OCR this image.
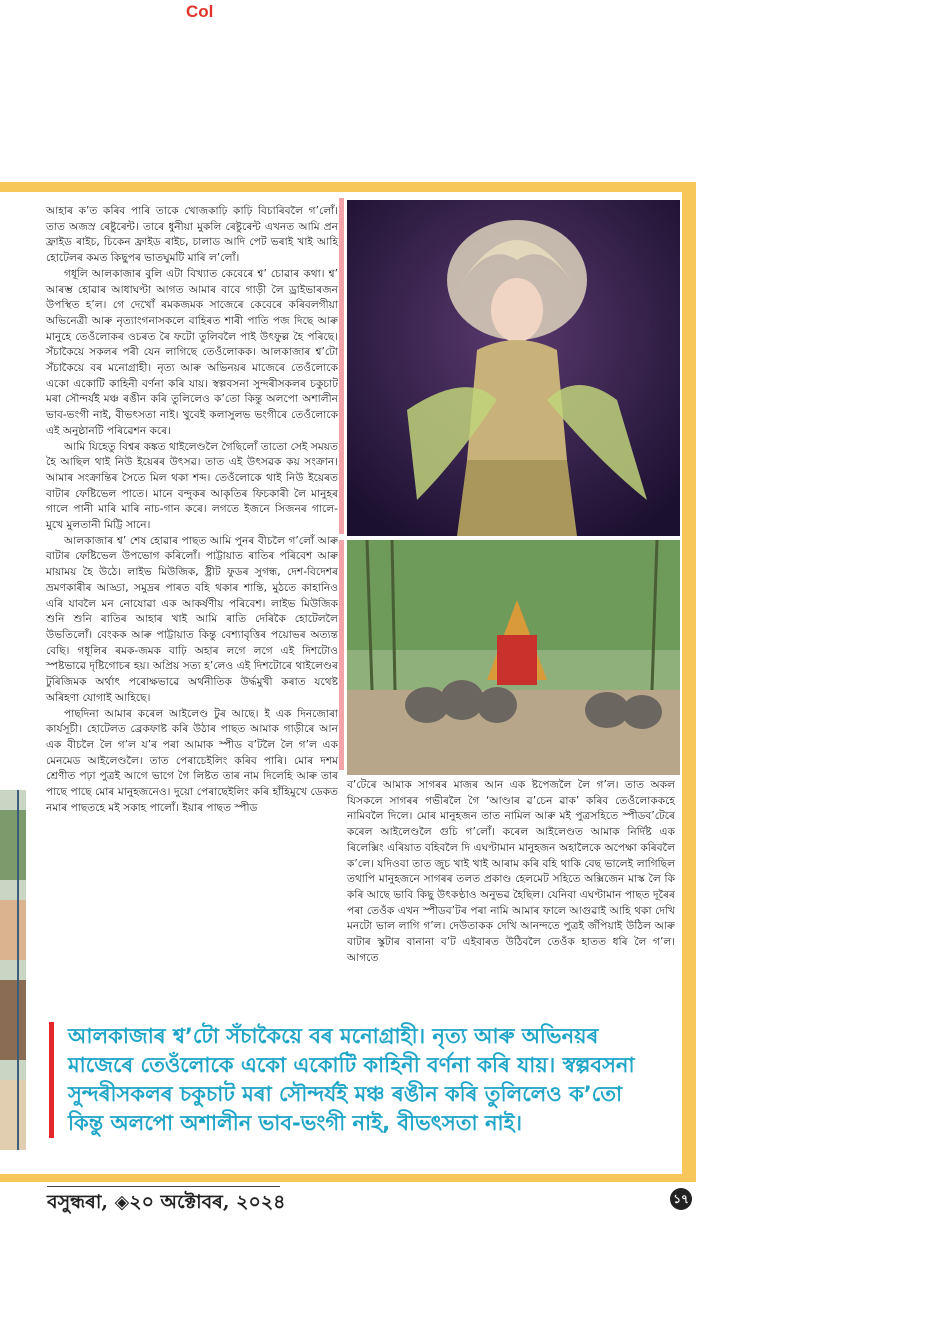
Col

আহাৰ ক’ত কৰিব পাৰি তাকে খোজকাঢ়ি কাঢ়ি বিচাৰিবলৈ গ’লোঁ। তাত অজস্ৰ ৰেষ্টুৰেন্ট। তাৰে ধুনীয়া মুকলি ৰেষ্টুৰেন্ট এখনত আমি প্ৰন ফ্ৰাইড ৰাইচ, চিকেন ফ্ৰাইড ৰাইচ, চালাড আদি পেট ভৰাই খাই আহি হোটেলৰ কমত কিছুপৰ ভাতঘুমটি মাৰি ল’লোঁ।

গধূলি আলকাজাৰ বুলি এটা বিখ্যাত কেবেৰে শ্ব’ চোৱাৰ কথা। শ্ব’ আৰম্ভ হোৱাৰ আধাঘণ্টা আগত আমাৰ বাবে গাড়ী লৈ ড্ৰাইভাৰজন উপস্থিত হ’ল। গে দেখোঁ ৰমকজমক সাজেৰে কেবেৰে কৰিবলগীয়া অভিনেত্ৰী আৰু নৃত্যাংগনাসকলে বাহিৰত শাৰী পাতি পজ দিছে আৰু মানুহে তেওঁলোকৰ ওচৰত ৰৈ ফটো তুলিবলৈ পাই উৎফুল্ল হৈ পৰিছে। সঁচাকৈয়ে সকলৰ পৰী যেন লাগিছে তেওঁলোকক। আলকাজাৰ শ্ব’টো সঁচাকৈয়ে বৰ মনোগ্ৰাহী। নৃত্য আৰু অভিনয়ৰ মাজেৰে তেওঁলোকে একো একোটি কাহিনী বৰ্ণনা কৰি যায়। স্বল্পবসনা সুন্দৰীসকলৰ চকুচাট মৰা সৌন্দৰ্যই মঞ্চ ৰঙীন কৰি তুলিলেও ক’তো কিন্তু অলপো অশালীন ভাব-ভংগী নাই, বীভৎসতা নাই। খুবেই কলাসুলভ ভংগীৰে তেওঁলোকে এই অনুষ্ঠানটি পৰিৱেশন কৰে।

আমি যিহেতু বিশ্বৰ কঙ্কত থাইলেণ্ডলৈ গৈছিলোঁ তাতো সেই সময়ত হৈ আছিল থাই নিউ ইয়েৰৰ উৎসৱ। তাত এই উৎসৱক কয় সংক্ৰান। আমাৰ সংক্ৰান্তিৰ সৈতে মিল থকা শব্দ। তেওঁলোকে থাই নিউ ইয়েৰত বাটাৰ ফেষ্টিভেল পাতে। মানে বন্দুকৰ আকৃতিৰ ফিচকাৰী লৈ মানুহৰ গালে পানী মাৰি মাৰি নাচ-গান কৰে। লগতে ইজনে সিজনৰ গালে-মুখে মুলতানী মিট্টি সানে।

আলকাজাৰ শ্ব’ শেষ হোৱাৰ পাছত আমি পুনৰ বীচলৈ গ’লোঁ আৰু বাটাৰ ফেষ্টিভেল উপভোগ কৰিলোঁ। পাট্টায়াত ৰাতিৰ পৰিবেশ আৰু মায়াময় হৈ উঠে। লাইভ মিউজিক, ষ্ট্ৰীট ফুডৰ সুগন্ধ, দেশ-বিদেশৰ ভ্ৰমণকাৰীৰ আড্ডা, সমুদ্ৰৰ পাৰত বহি থকাৰ শান্তি, মুঠতে কাহানিও এৰি যাবলৈ মন নোযোৱা এক আকৰ্ষণীয় পৰিবেশ। লাইভ মিউজিক শুনি শুনি ৰাতিৰ আহাৰ খাই আমি ৰাতি দেৰিকৈ হোটেললৈ উভতিলোঁ। বেংকক আৰু পাট্টায়াত কিন্তু বেশ্যাবৃত্তিৰ পয়োভৰ অত্যন্ত বেছি। গধূলিৰ ৰমক-জমক বাঢ়ি অহাৰ লগে লগে এই দিশটোও স্পষ্টভাৱে দৃষ্টিগোচৰ হয়। অপ্ৰিয় সত্য হ’লেও এই দিশটোৰে থাইলেণ্ডৰ টুৰিজিমক অৰ্থাৎ পৰোক্ষভাৱে অৰ্থনীতিক উৰ্দ্ধমুখী কৰাত যথেষ্ট অৰিহণা যোগাই আহিছে।

পাছদিনা আমাৰ কৰেল আইলেণ্ড টুৰ আছে। ই এক দিনজোৰা কাৰ্যসূচী। হোটেলত ব্ৰেকফাষ্ট কৰি উঠাৰ পাছত আমাক গাড়ীৰে আন এক বীচলৈ লৈ গ’ল য’ৰ পৰা আমাক স্পীড ব’টলৈ লৈ গ’ল এক মেনমেড আইলেণ্ডলৈ। তাত পেৰাচেইলিং কৰিব পাৰি। মোৰ দশম শ্ৰেণীত পঢ়া পুত্ৰই আগে ভাগে গৈ লিষ্টত তাৰ নাম দিলেহি আৰু তাৰ পাছে পাছে মোৰ মানুহজনেও। দুয়ো পেৰাছেইলিং কৰি হাঁহিমুখে ডেকত নমাৰ পাছতহে মই সকাহ পালোঁ। ইয়াৰ পাছত স্পীড

ব’টেৰে আমাক সাগৰৰ মাজৰ আন এক ষ্টপেজলৈ লৈ গ’ল। তাত অকল যিসকলে সাগৰৰ গভীৰলৈ গৈ ‘আণ্ডাৰ ৱ’চেন ৱাক’ কৰিব তেওঁলোককহে নামিবলৈ দিলে। মোৰ মানুহজন তাত নামিল আৰু মই পুত্ৰসহিতে স্পীডব’টেৰে কৰেল আইলেণ্ডলৈ গুচি গ’লোঁ। কৰেল আইলেণ্ডত আমাক নিৰ্দিষ্ট এক ৰিলেক্সিং এৰিয়াত বহিবলৈ দি এঘণ্টামান মানুহজন অহালৈকে অপেক্ষা কৰিবলৈ ক’লে। যদিওবা তাত জুচ খাই খাই আৰাম কৰি বহি থাকি বেছ ভালেই লাগিছিল তথাপি মানুহজনে সাগৰৰ তলত প্ৰকাণ্ড হেলমেট সহিতে অক্সিজেন মাস্ক লৈ কি কৰি আছে ভাবি কিছু উৎকণ্ঠাও অনুভৱ হৈছিল। যেনিবা এঘণ্টামান পাছত দূৰৈৰ পৰা তেওঁক এখন স্পীডব’টৰ পৰা নামি আমাৰ ফালে আগুৱাই আহি থকা দেখি মনটো ভাল লাগি গ’ল। দেউতাকক দেখি আনন্দতে পুত্ৰই জঁপিয়াই উঠিল আৰু বাটাৰ স্কুটাৰ বানানা ব’ট এইবাৰত উঠিবলৈ তেওঁক হাতত ধৰি লৈ গ’ল। আগতে

আলকাজাৰ শ্ব’টো সঁচাকৈয়ে বৰ মনোগ্ৰাহী। নৃত্য আৰু অভিনয়ৰ
মাজেৰে তেওঁলোকে একো একোটি কাহিনী বৰ্ণনা কৰি যায়। স্বল্পবসনা
সুন্দৰীসকলৰ চকুচাট মৰা সৌন্দৰ্যই মঞ্চ ৰঙীন কৰি তুলিলেও ক’তো
কিন্তু অলপো অশালীন ভাব-ভংগী নাই, বীভৎসতা নাই।
বসুন্ধৰা, ◈২০ অক্টোবৰ, ২০২৪	১৭
